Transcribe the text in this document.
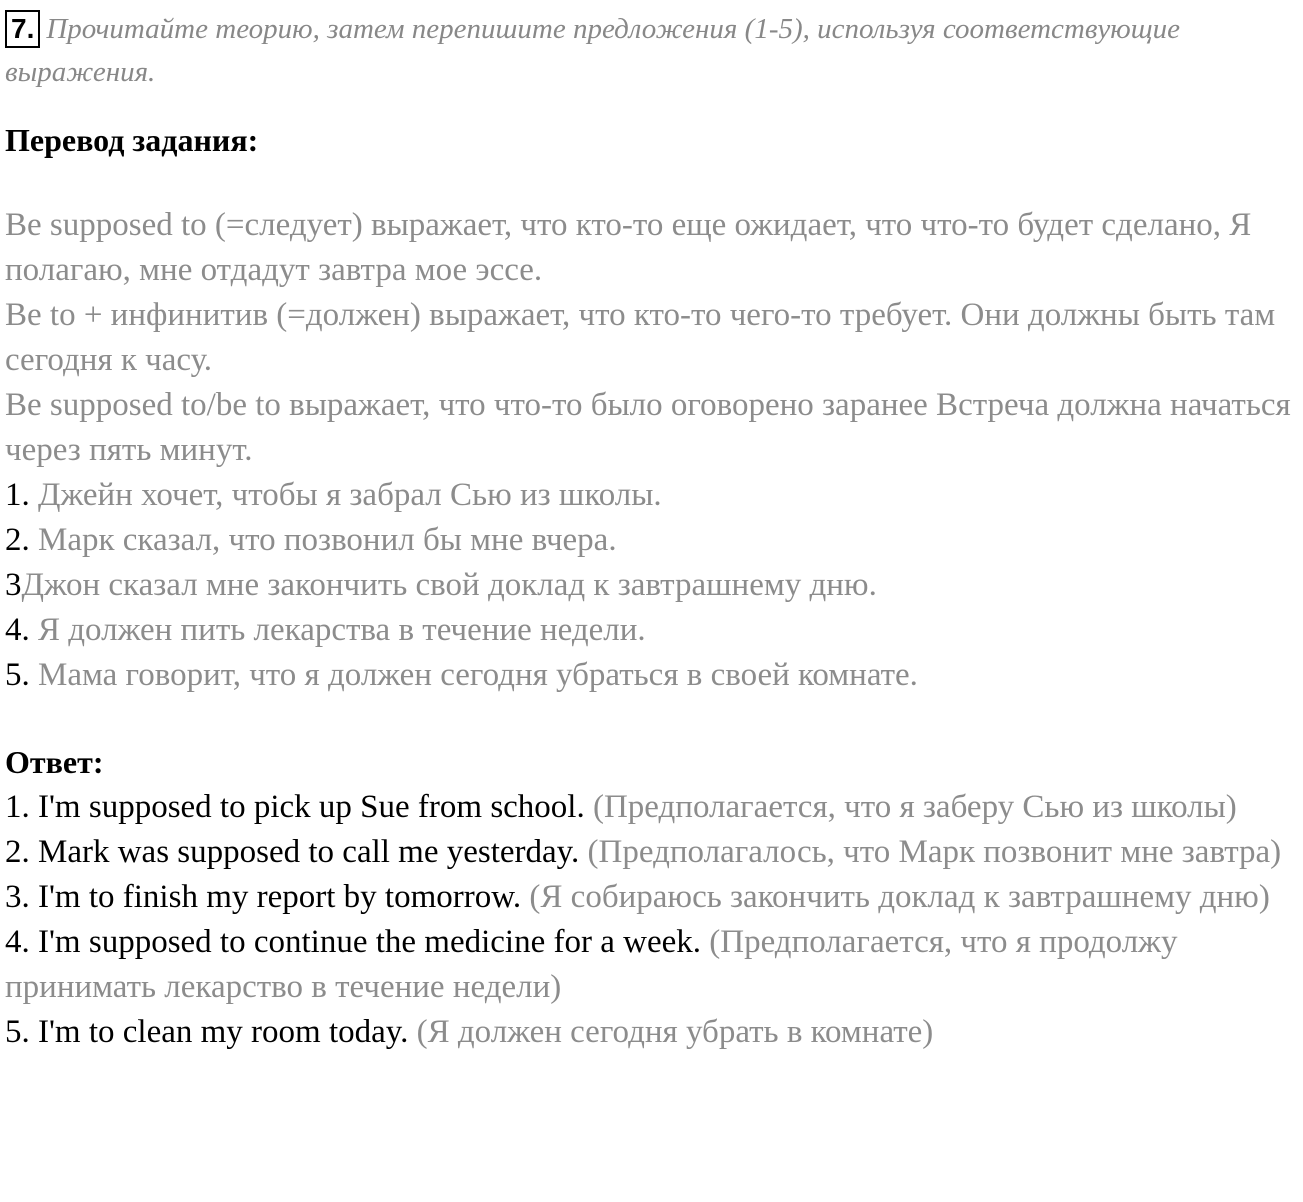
7. Прочитайте теорию, затем перепишите предложения (1-5), используя соответствующие выражения.

Перевод задания:

Be supposed to (=следует) выражает, что кто-то еще ожидает, что что-то будет сделано, Я полагаю, мне отдадут завтра мое эссе.

Be to + инфинитив (=должен) выражает, что кто-то чего-то требует. Они должны быть там сегодня к часу.

Be supposed to/be to выражает, что что-то было оговорено заранее Встреча должна начаться через пять минут.

1. Джейн хочет, чтобы я забрал Сью из школы.

2. Марк сказал, что позвонил бы мне вчера.

3Джон сказал мне закончить свой доклад к завтрашнему дню.

4. Я должен пить лекарства в течение недели.

5. Мама говорит, что я должен сегодня убраться в своей комнате.

Ответ:

1. I'm supposed to pick up Sue from school. (Предполагается, что я заберу Сью из школы)

2. Mark was supposed to call me yesterday. (Предполагалось, что Марк позвонит мне завтра)

3. I'm to finish my report by tomorrow. (Я собираюсь закончить доклад к завтрашнему дню)

4. I'm supposed to continue the medicine for a week. (Предполагается, что я продолжу принимать лекарство в течение недели)

5. I'm to clean my room today. (Я должен сегодня убрать в комнате)
